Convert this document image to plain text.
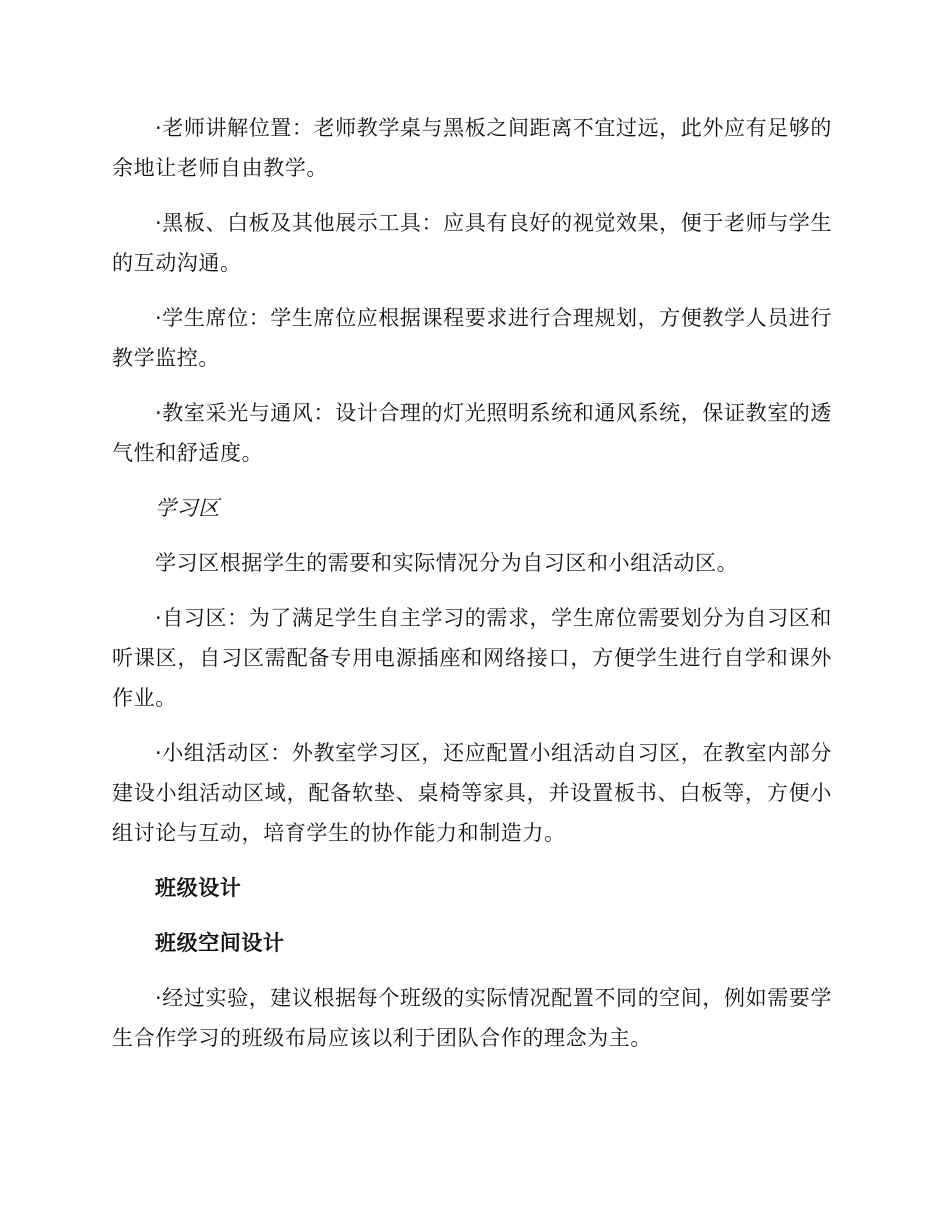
·老师讲解位置：老师教学桌与黑板之间距离不宜过远，此外应有足够的余地让老师自由教学。

·黑板、白板及其他展示工具：应具有良好的视觉效果，便于老师与学生的互动沟通。

·学生席位：学生席位应根据课程要求进行合理规划，方便教学人员进行教学监控。

·教室采光与通风：设计合理的灯光照明系统和通风系统，保证教室的透气性和舒适度。

学习区

学习区根据学生的需要和实际情况分为自习区和小组活动区。

·自习区：为了满足学生自主学习的需求，学生席位需要划分为自习区和听课区，自习区需配备专用电源插座和网络接口，方便学生进行自学和课外作业。

·小组活动区：外教室学习区，还应配置小组活动自习区，在教室内部分建设小组活动区域，配备软垫、桌椅等家具，并设置板书、白板等，方便小组讨论与互动，培育学生的协作能力和制造力。

班级设计

班级空间设计

·经过实验，建议根据每个班级的实际情况配置不同的空间，例如需要学生合作学习的班级布局应该以利于团队合作的理念为主。
